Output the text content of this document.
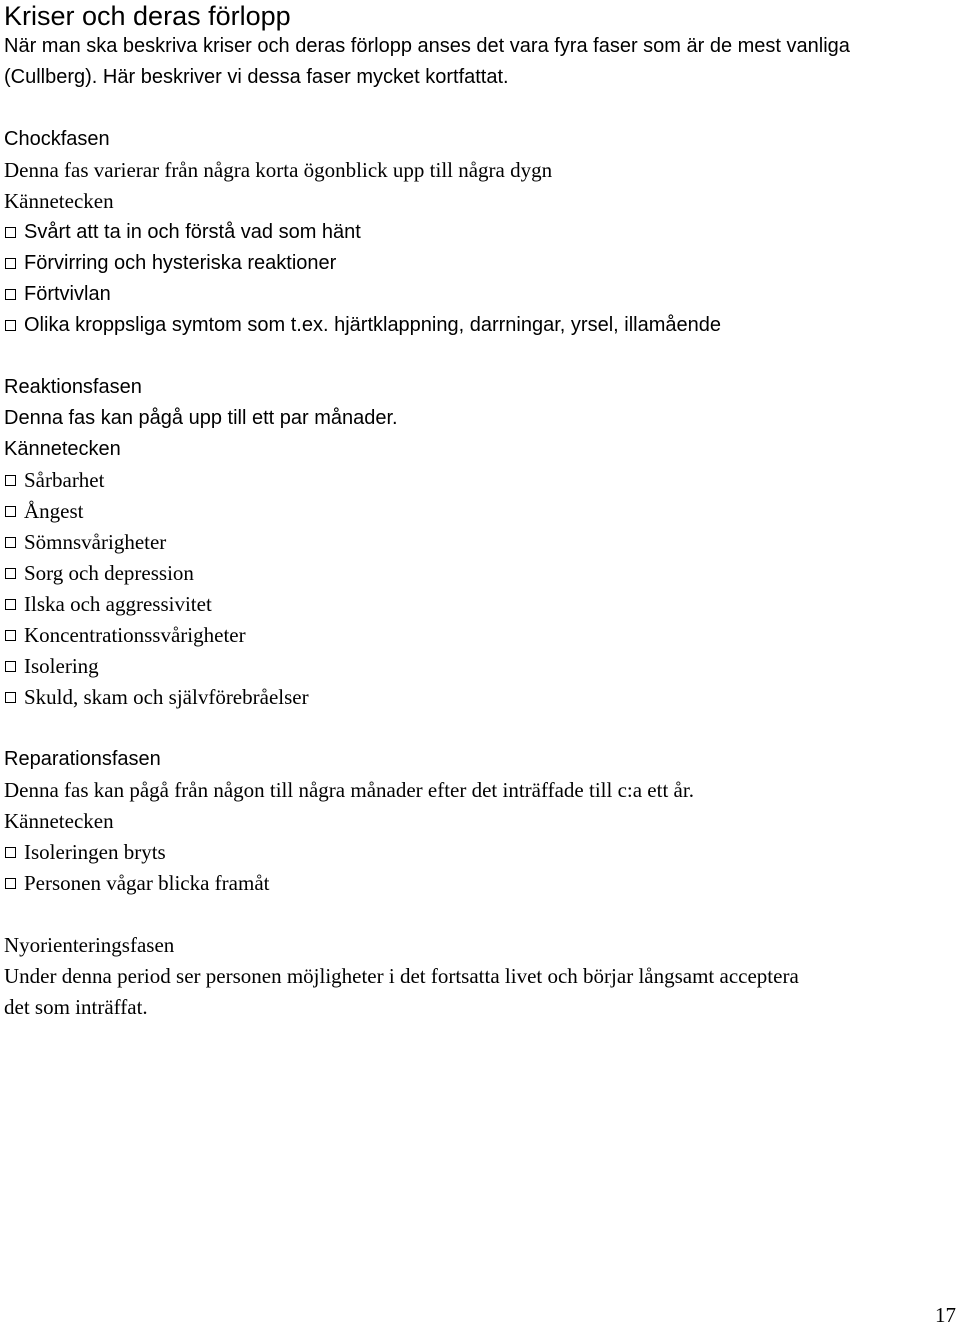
Kriser och deras förlopp

När man ska beskriva kriser och deras förlopp anses det vara fyra faser som är de mest vanliga

(Cullberg). Här beskriver vi dessa faser mycket kortfattat.

Chockfasen

Denna fas varierar från några korta ögonblick upp till några dygn

Kännetecken

Svårt att ta in och förstå vad som hänt
Förvirring och hysteriska reaktioner
Förtvivlan
Olika kroppsliga symtom som t.ex. hjärtklappning, darrningar, yrsel, illamående

Reaktionsfasen

Denna fas kan pågå upp till ett par månader.

Kännetecken

Sårbarhet
Ångest
Sömnsvårigheter
Sorg och depression
Ilska och aggressivitet
Koncentrationssvårigheter
Isolering
Skuld, skam och självförebråelser

Reparationsfasen

Denna fas kan pågå från någon till några månader efter det inträffade till c:a ett år.

Kännetecken

Isoleringen bryts
Personen vågar blicka framåt

Nyorienteringsfasen

Under denna period ser personen möjligheter i det fortsatta livet och börjar långsamt acceptera

det som inträffat.

17
